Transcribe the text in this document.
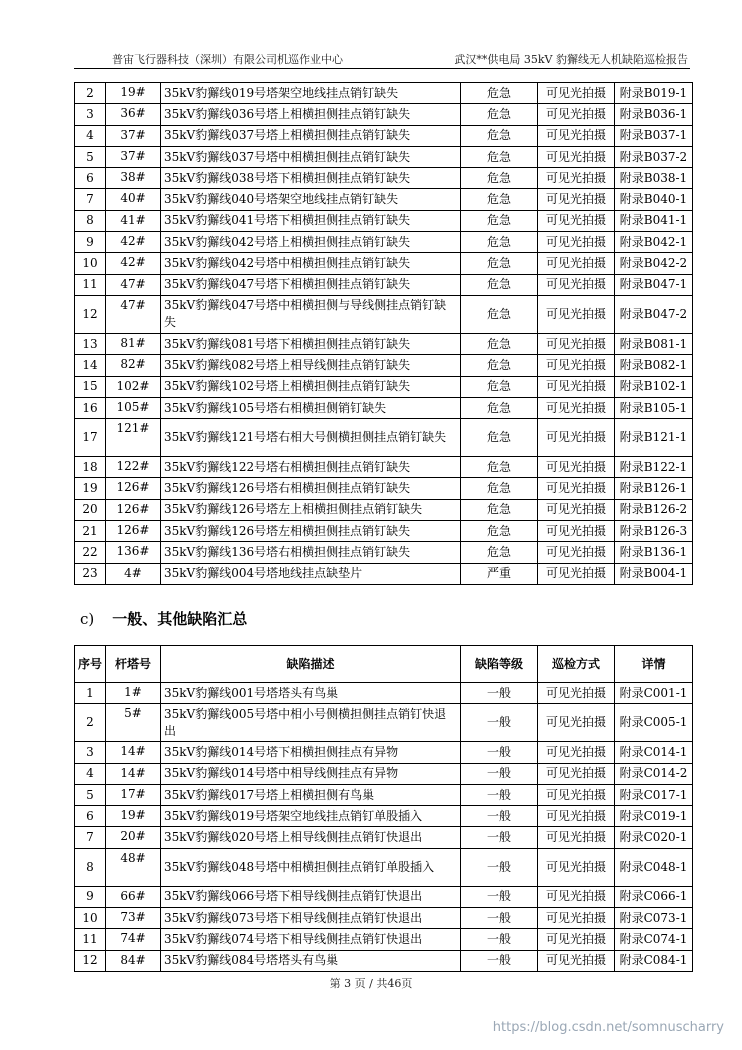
普宙飞行器科技（深圳）有限公司机巡作业中心	武汉**供电局 35kV 豹獬线无人机缺陷巡检报告
2	19#	35kV豹獬线019号塔架空地线挂点销钉缺失	危急	可见光拍摄	附录B019-1
3	36#	35kV豹獬线036号塔上相横担侧挂点销钉缺失	危急	可见光拍摄	附录B036-1
4	37#	35kV豹獬线037号塔上相横担侧挂点销钉缺失	危急	可见光拍摄	附录B037-1
5	37#	35kV豹獬线037号塔中相横担侧挂点销钉缺失	危急	可见光拍摄	附录B037-2
6	38#	35kV豹獬线038号塔下相横担侧挂点销钉缺失	危急	可见光拍摄	附录B038-1
7	40#	35kV豹獬线040号塔架空地线挂点销钉缺失	危急	可见光拍摄	附录B040-1
8	41#	35kV豹獬线041号塔下相横担侧挂点销钉缺失	危急	可见光拍摄	附录B041-1
9	42#	35kV豹獬线042号塔上相横担侧挂点销钉缺失	危急	可见光拍摄	附录B042-1
10	42#	35kV豹獬线042号塔中相横担侧挂点销钉缺失	危急	可见光拍摄	附录B042-2
11	47#	35kV豹獬线047号塔下相横担侧挂点销钉缺失	危急	可见光拍摄	附录B047-1
12	47#	35kV豹獬线047号塔中相横担侧与导线侧挂点销钉缺失	危急	可见光拍摄	附录B047-2
13	81#	35kV豹獬线081号塔下相横担侧挂点销钉缺失	危急	可见光拍摄	附录B081-1
14	82#	35kV豹獬线082号塔上相导线侧挂点销钉缺失	危急	可见光拍摄	附录B082-1
15	102#	35kV豹獬线102号塔上相横担侧挂点销钉缺失	危急	可见光拍摄	附录B102-1
16	105#	35kV豹獬线105号塔右相横担侧销钉缺失	危急	可见光拍摄	附录B105-1
17	121#	35kV豹獬线121号塔右相大号侧横担侧挂点销钉缺失	危急	可见光拍摄	附录B121-1
18	122#	35kV豹獬线122号塔右相横担侧挂点销钉缺失	危急	可见光拍摄	附录B122-1
19	126#	35kV豹獬线126号塔右相横担侧挂点销钉缺失	危急	可见光拍摄	附录B126-1
20	126#	35kV豹獬线126号塔左上相横担侧挂点销钉缺失	危急	可见光拍摄	附录B126-2
21	126#	35kV豹獬线126号塔左相横担侧挂点销钉缺失	危急	可见光拍摄	附录B126-3
22	136#	35kV豹獬线136号塔右相横担侧挂点销钉缺失	危急	可见光拍摄	附录B136-1
23	4#	35kV豹獬线004号塔地线挂点缺垫片	严重	可见光拍摄	附录B004-1
c) 一般、其他缺陷汇总
序号	杆塔号	缺陷描述	缺陷等级	巡检方式	详情
1	1#	35kV豹獬线001号塔塔头有鸟巢	一般	可见光拍摄	附录C001-1
2	5#	35kV豹獬线005号塔中相小号侧横担侧挂点销钉快退出	一般	可见光拍摄	附录C005-1
3	14#	35kV豹獬线014号塔下相横担侧挂点有异物	一般	可见光拍摄	附录C014-1
4	14#	35kV豹獬线014号塔中相导线侧挂点有异物	一般	可见光拍摄	附录C014-2
5	17#	35kV豹獬线017号塔上相横担侧有鸟巢	一般	可见光拍摄	附录C017-1
6	19#	35kV豹獬线019号塔架空地线挂点销钉单股插入	一般	可见光拍摄	附录C019-1
7	20#	35kV豹獬线020号塔上相导线侧挂点销钉快退出	一般	可见光拍摄	附录C020-1
8	48#	35kV豹獬线048号塔中相横担侧挂点销钉单股插入	一般	可见光拍摄	附录C048-1
9	66#	35kV豹獬线066号塔下相导线侧挂点销钉快退出	一般	可见光拍摄	附录C066-1
10	73#	35kV豹獬线073号塔下相导线侧挂点销钉快退出	一般	可见光拍摄	附录C073-1
11	74#	35kV豹獬线074号塔下相导线侧挂点销钉快退出	一般	可见光拍摄	附录C074-1
12	84#	35kV豹獬线084号塔塔头有鸟巢	一般	可见光拍摄	附录C084-1
第 3 页 / 共46页
https://blog.csdn.net/somnuscharry
